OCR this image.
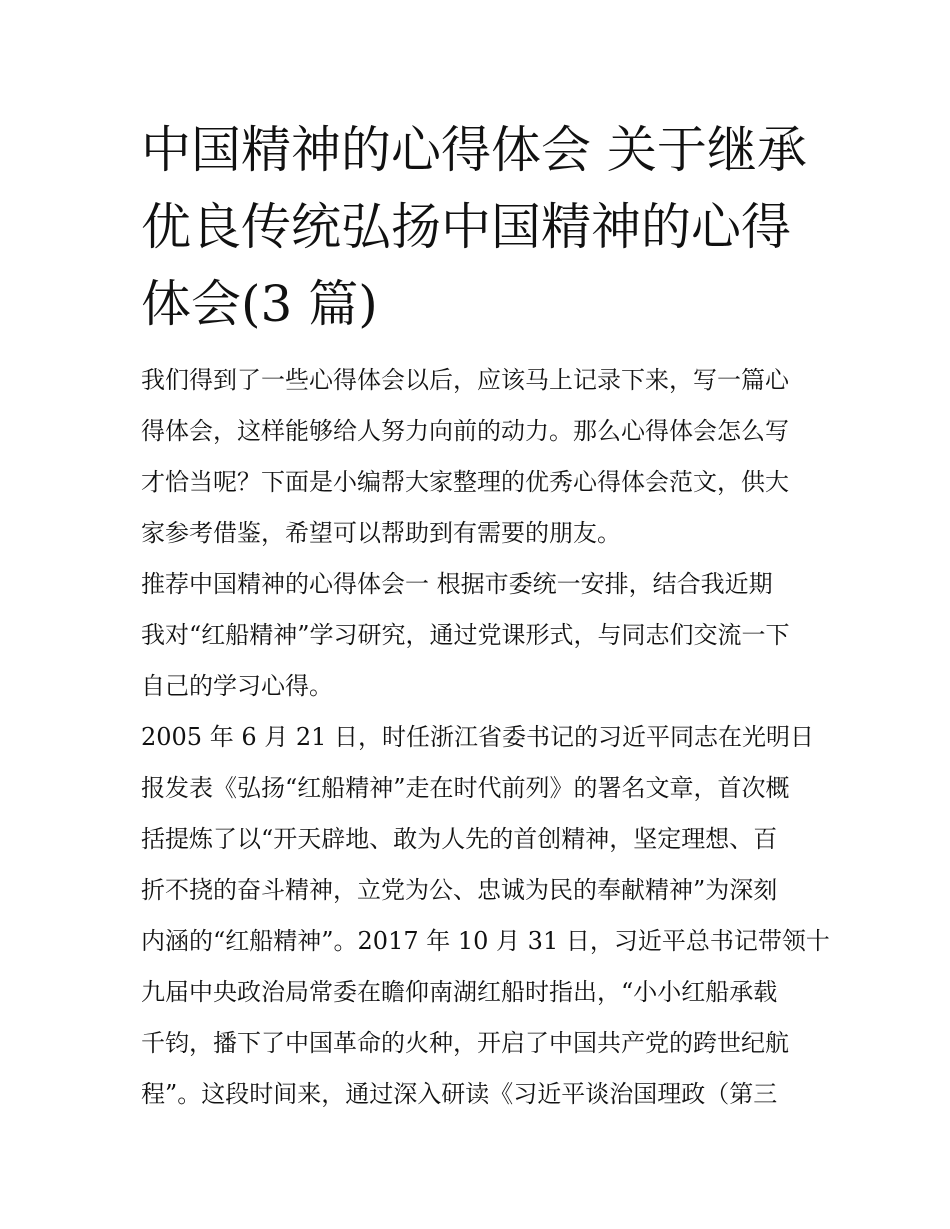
中国精神的心得体会 关于继承
优良传统弘扬中国精神的心得
体会(3 篇)
我们得到了一些心得体会以后，应该马上记录下来，写一篇心
得体会，这样能够给人努力向前的动力。那么心得体会怎么写
才恰当呢？下面是小编帮大家整理的优秀心得体会范文，供大
家参考借鉴，希望可以帮助到有需要的朋友。
推荐中国精神的心得体会一 根据市委统一安排，结合我近期
我对“红船精神”学习研究，通过党课形式，与同志们交流一下
自己的学习心得。
2005 年 6 月 21 日，时任浙江省委书记的习近平同志在光明日
报发表《弘扬“红船精神”走在时代前列》的署名文章，首次概
括提炼了以“开天辟地、敢为人先的首创精神，坚定理想、百
折不挠的奋斗精神，立党为公、忠诚为民的奉献精神”为深刻
内涵的“红船精神”。2017 年 10 月 31 日，习近平总书记带领十
九届中央政治局常委在瞻仰南湖红船时指出，“小小红船承载
千钧，播下了中国革命的火种，开启了中国共产党的跨世纪航
程”。这段时间来，通过深入研读《习近平谈治国理政（第三
